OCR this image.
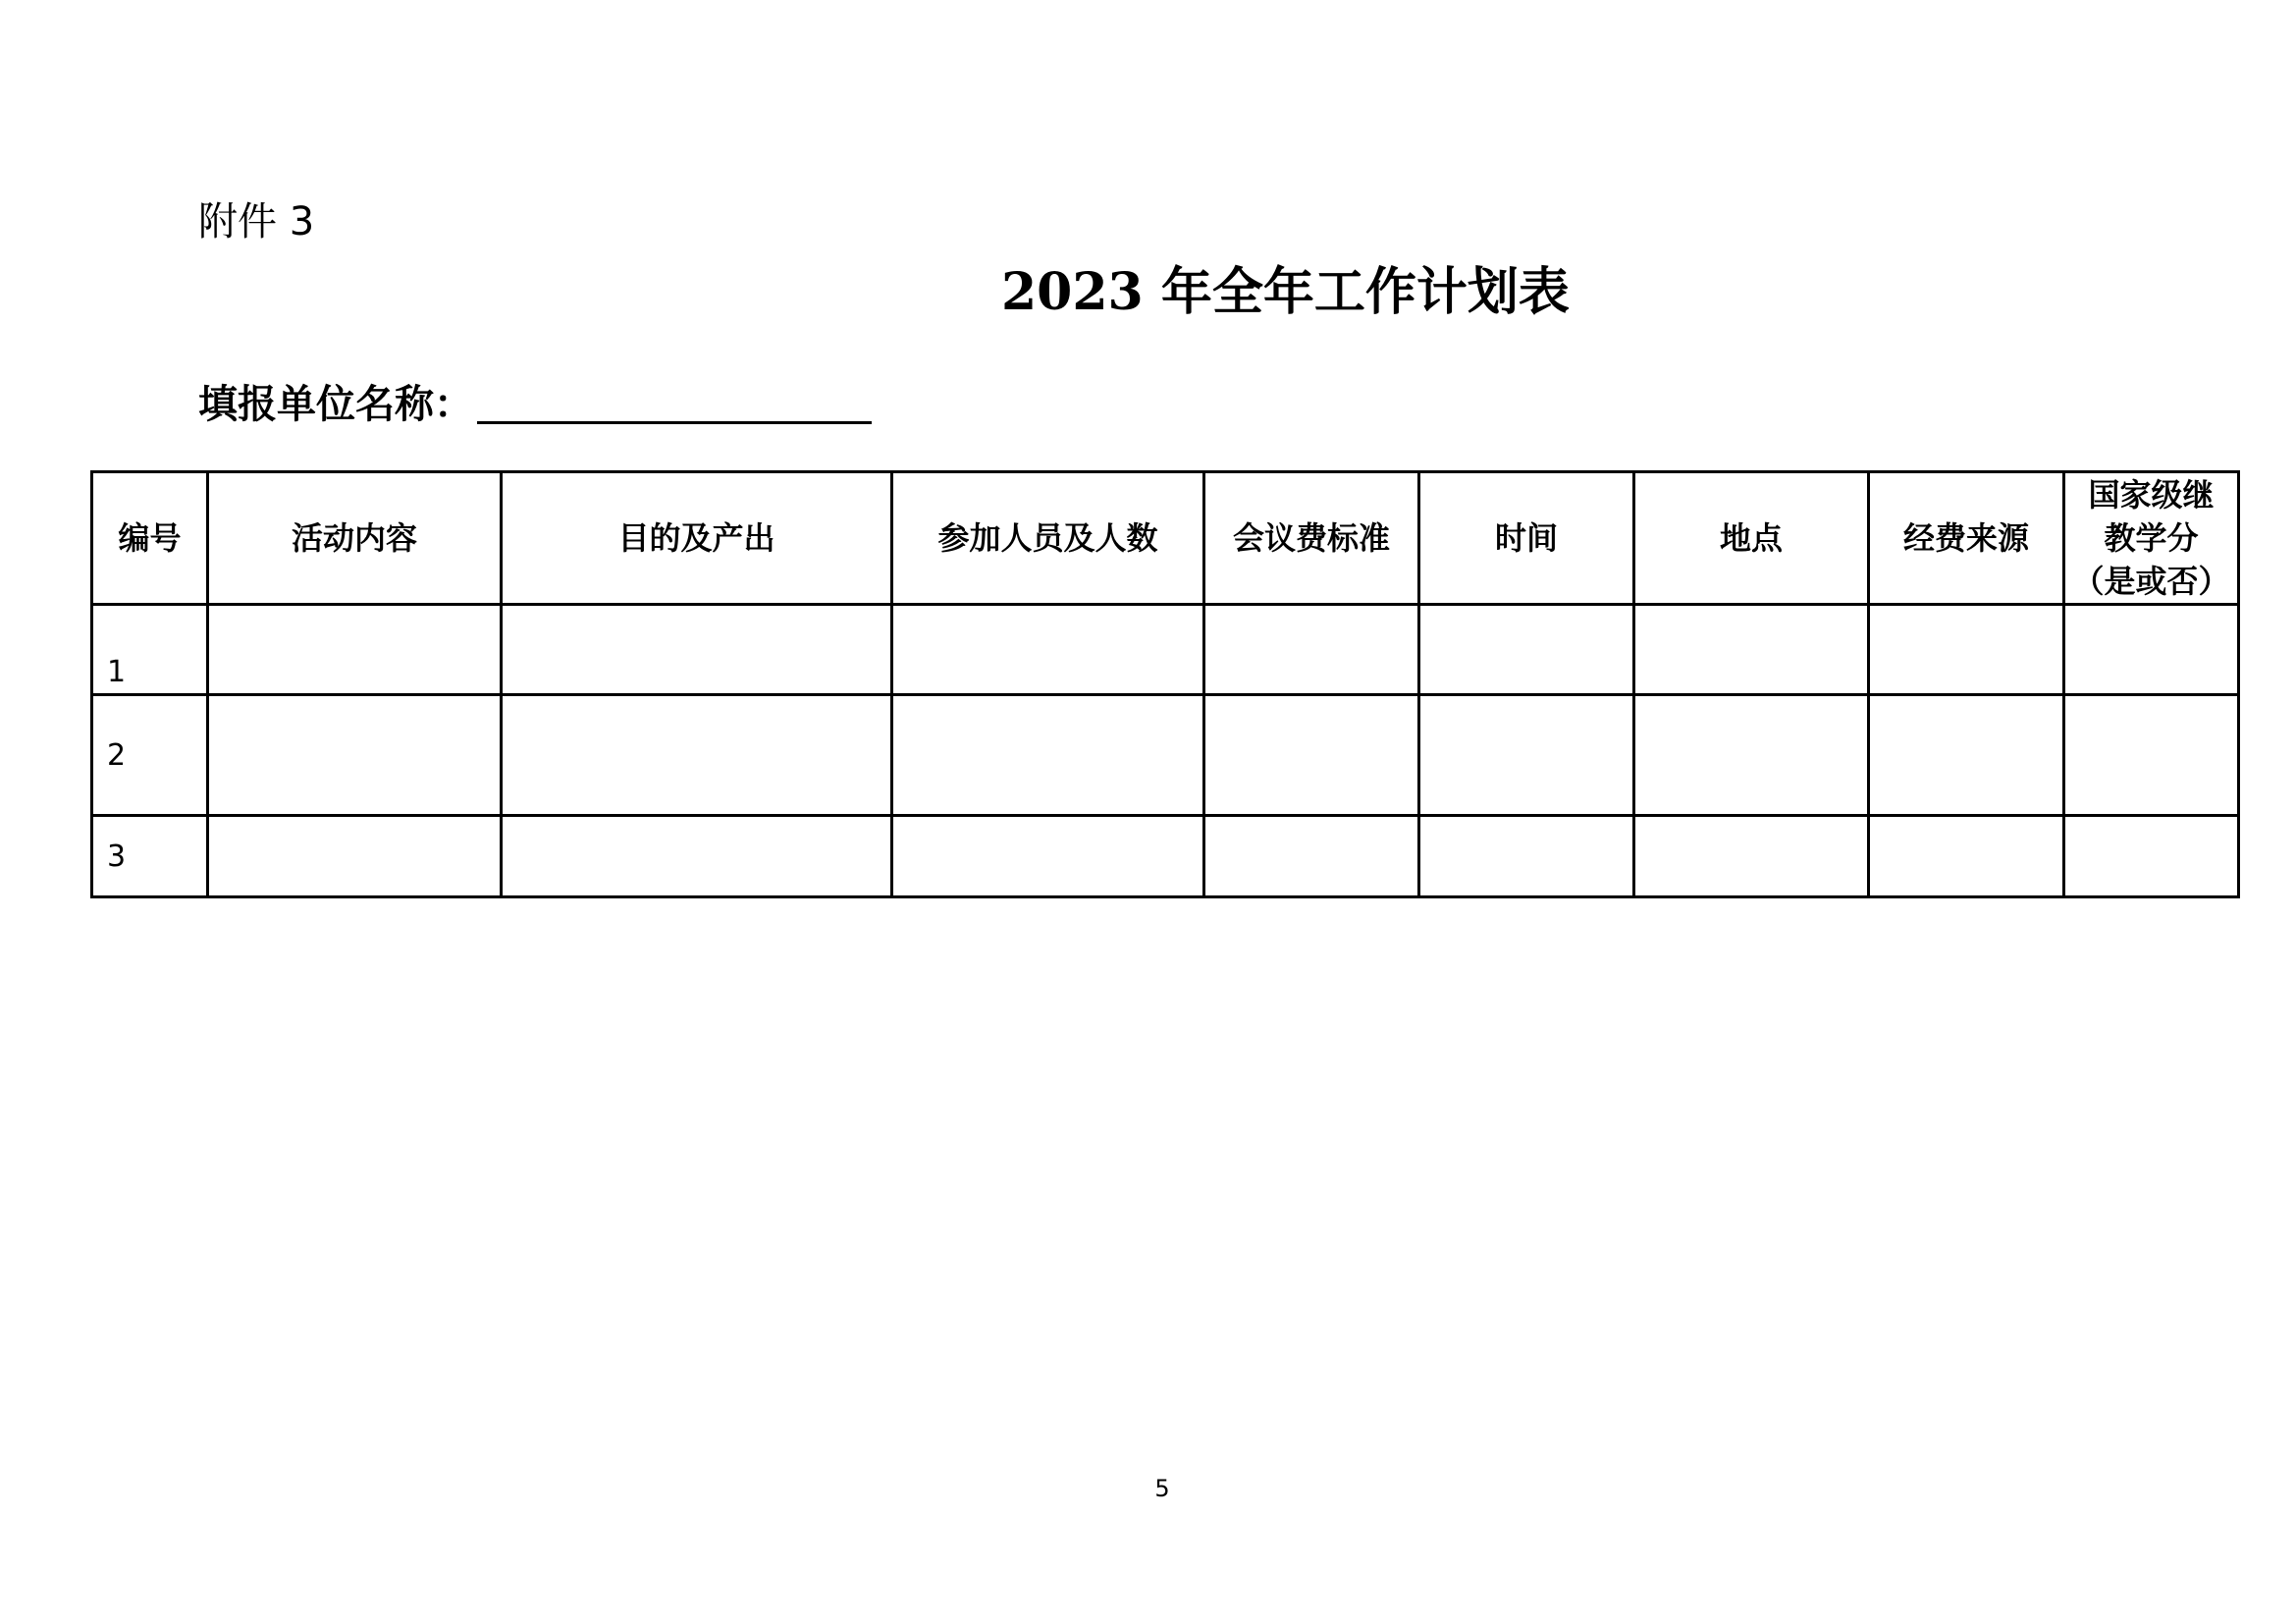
附件 3
2023 年全年工作计划表
填报单位名称：
编号	活动内容	目的及产出	参加人员及人数	会议费标准	时间	地点	经费来源	国家级继
教学分
（是或否）
1								
2								
3								
5
